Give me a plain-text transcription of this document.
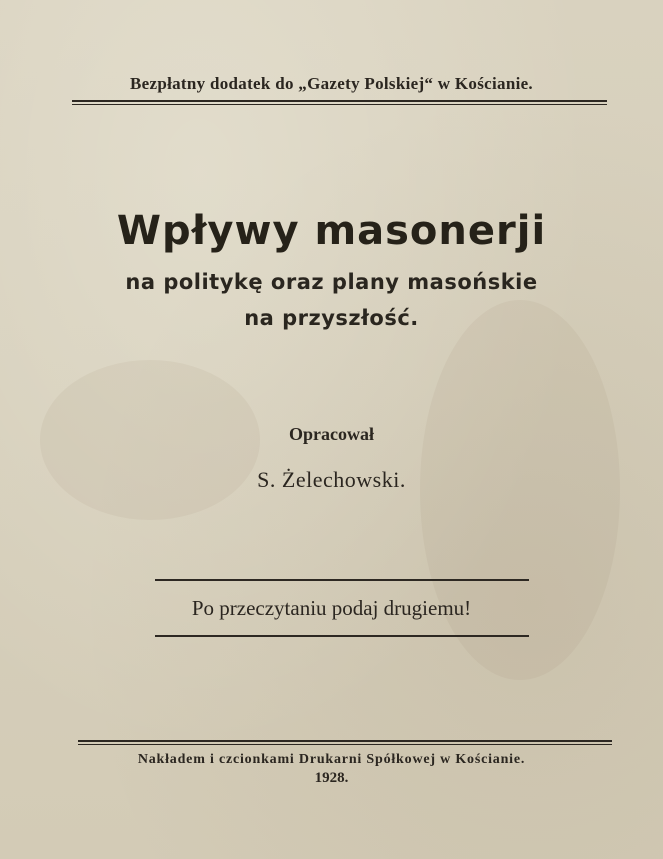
Bezpłatny dodatek do „Gazety Polskiej“ w Kościanie.
Wpływy masonerji
na politykę oraz plany masońskie
na przyszłość.
Opracował
S. Żelechowski.
Po przeczytaniu podaj drugiemu!
Nakładem i czcionkami Drukarni Spółkowej w Kościanie.
1928.
